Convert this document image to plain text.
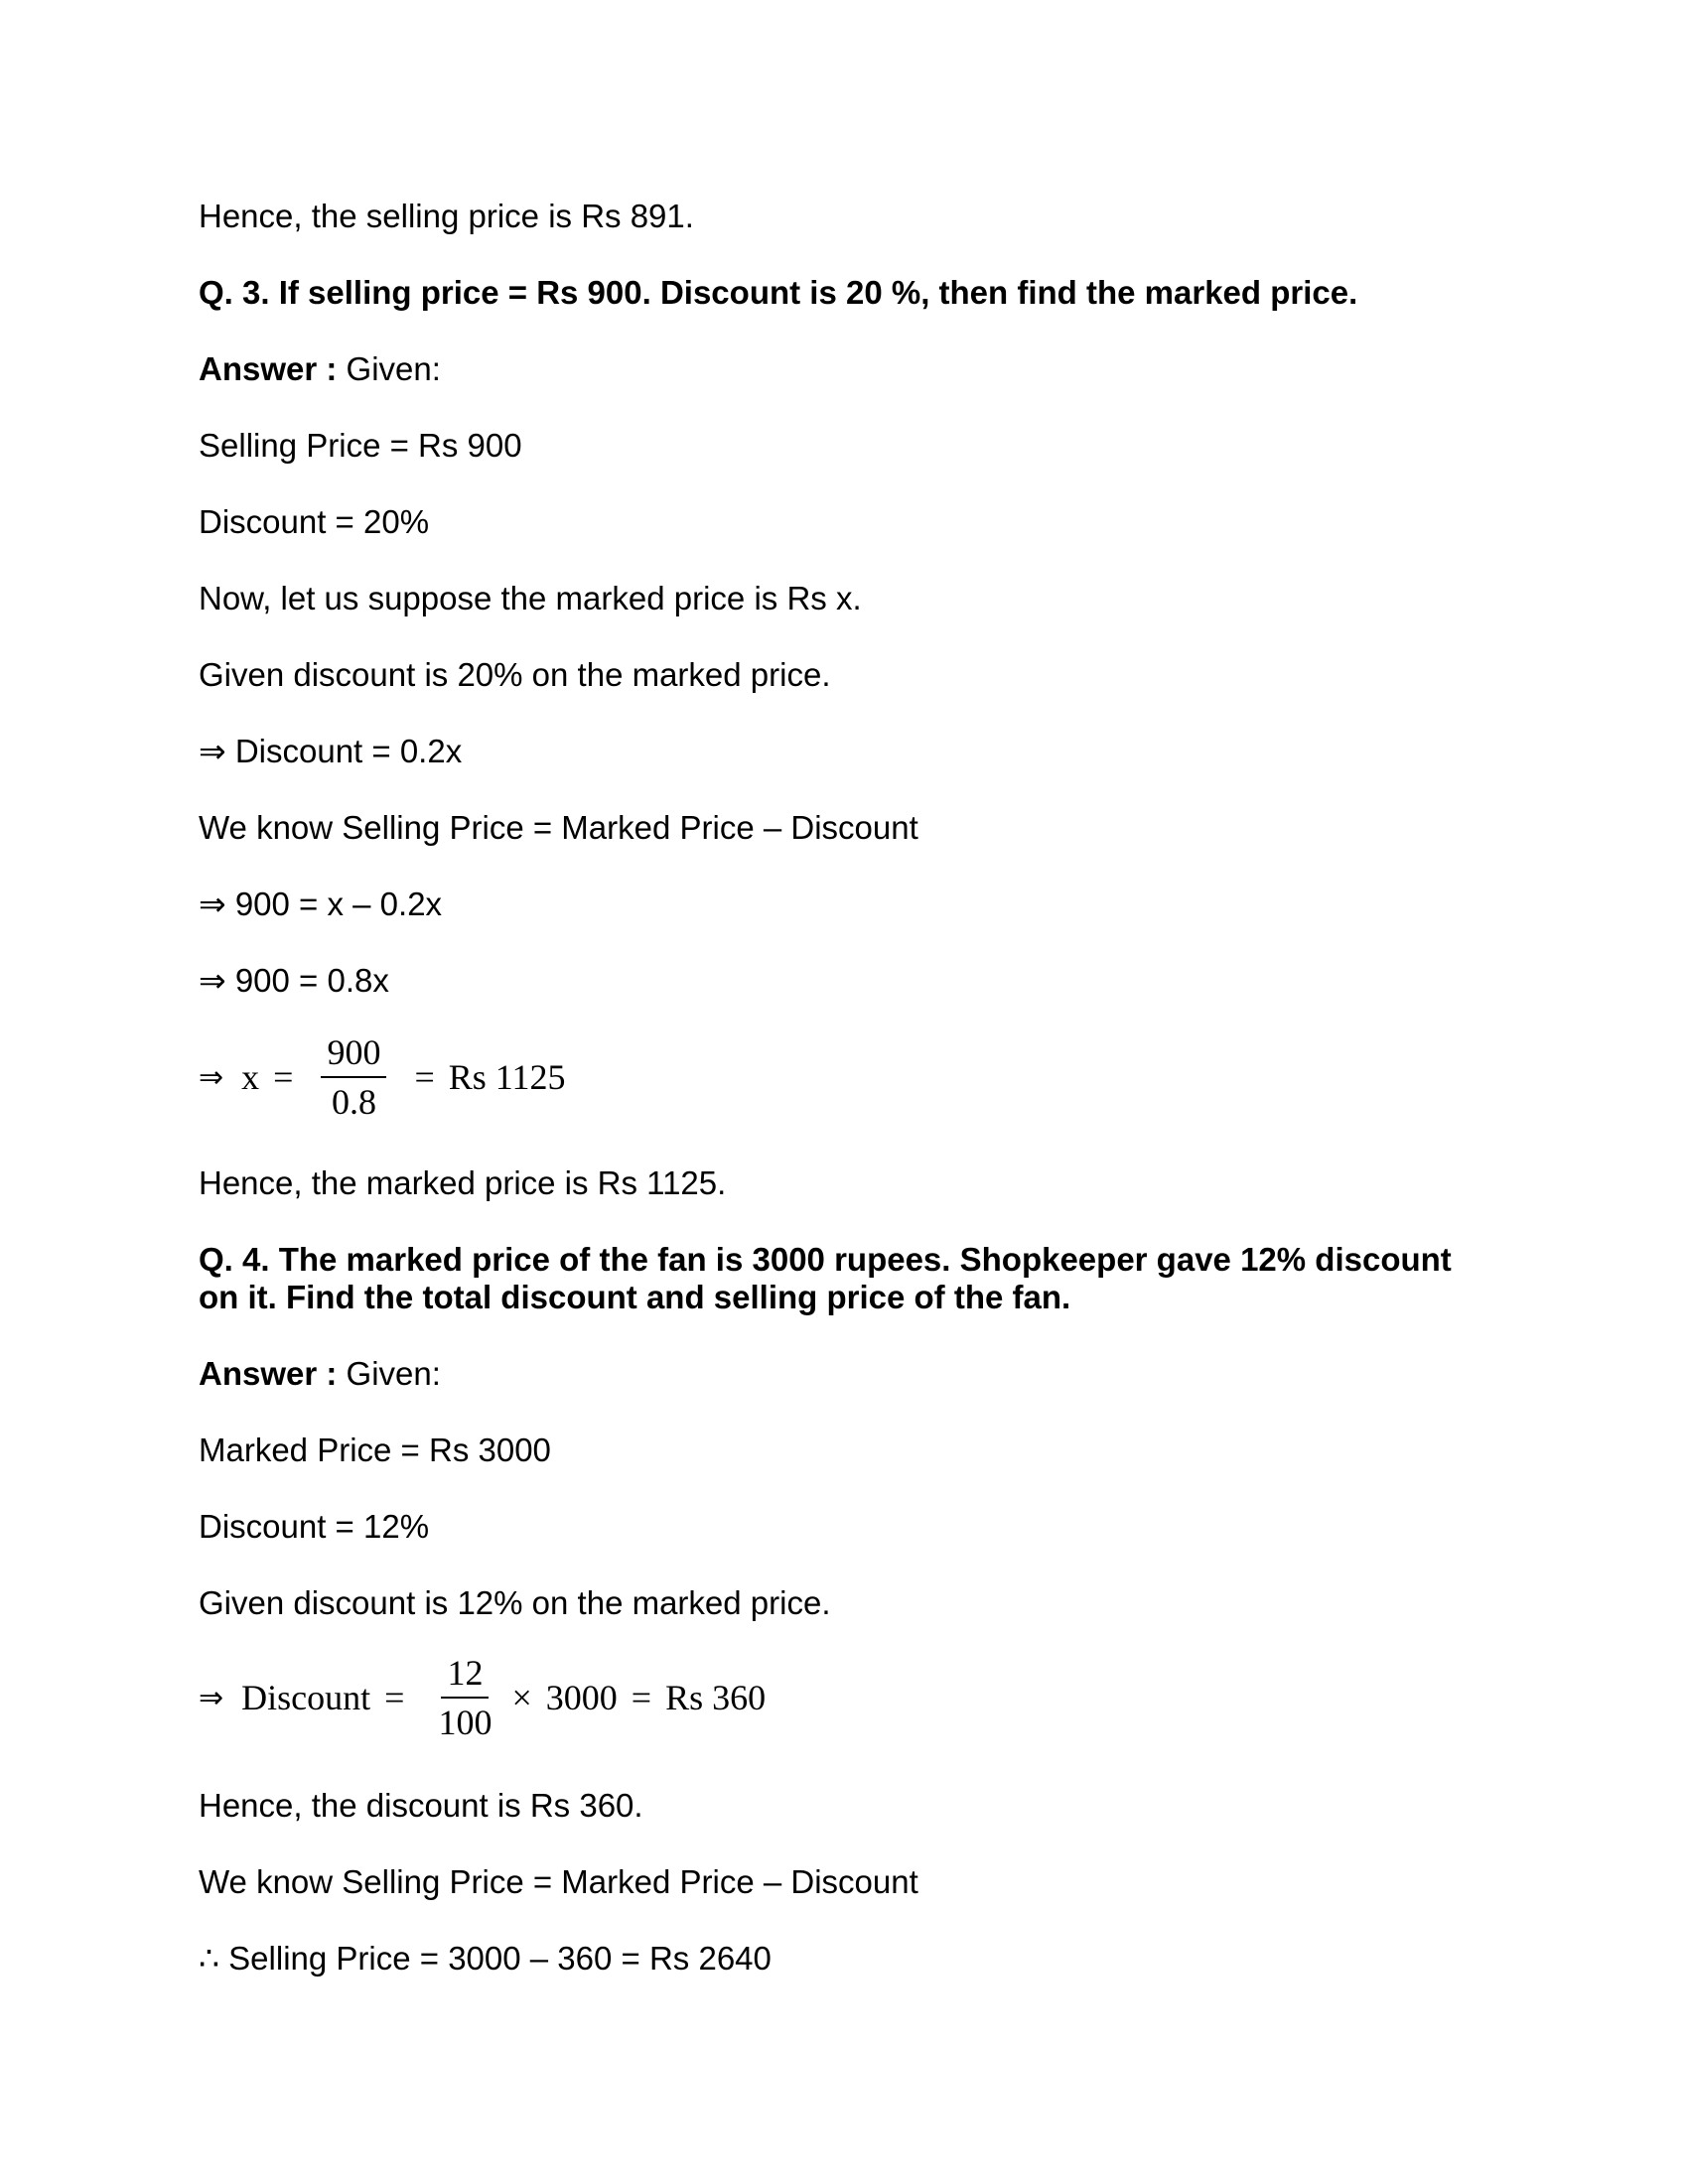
Hence, the selling price is Rs 891.
Q. 3. If selling price = Rs 900. Discount is 20 %, then find the marked price.
Answer : Given:
Selling Price = Rs 900
Discount = 20%
Now, let us suppose the marked price is Rs x.
Given discount is 20% on the marked price.
⇒ Discount = 0.2x
We know Selling Price = Marked Price – Discount
⇒ 900 = x – 0.2x
⇒ 900 = 0.8x
⇒ $x = \frac{900}{0.8} = Rs$ 1125
Hence, the marked price is Rs 1125.
Q. 4. The marked price of the fan is 3000 rupees. Shopkeeper gave 12% discount
on it. Find the total discount and selling price of the fan.
Answer : Given:
Marked Price = Rs 3000
Discount = 12%
Given discount is 12% on the marked price.
⇒ Discount = $\frac{12}{100} \times 3000 = Rs$ 360
Hence, the discount is Rs 360.
We know Selling Price = Marked Price – Discount
∴ Selling Price = 3000 – 360 = Rs 2640
